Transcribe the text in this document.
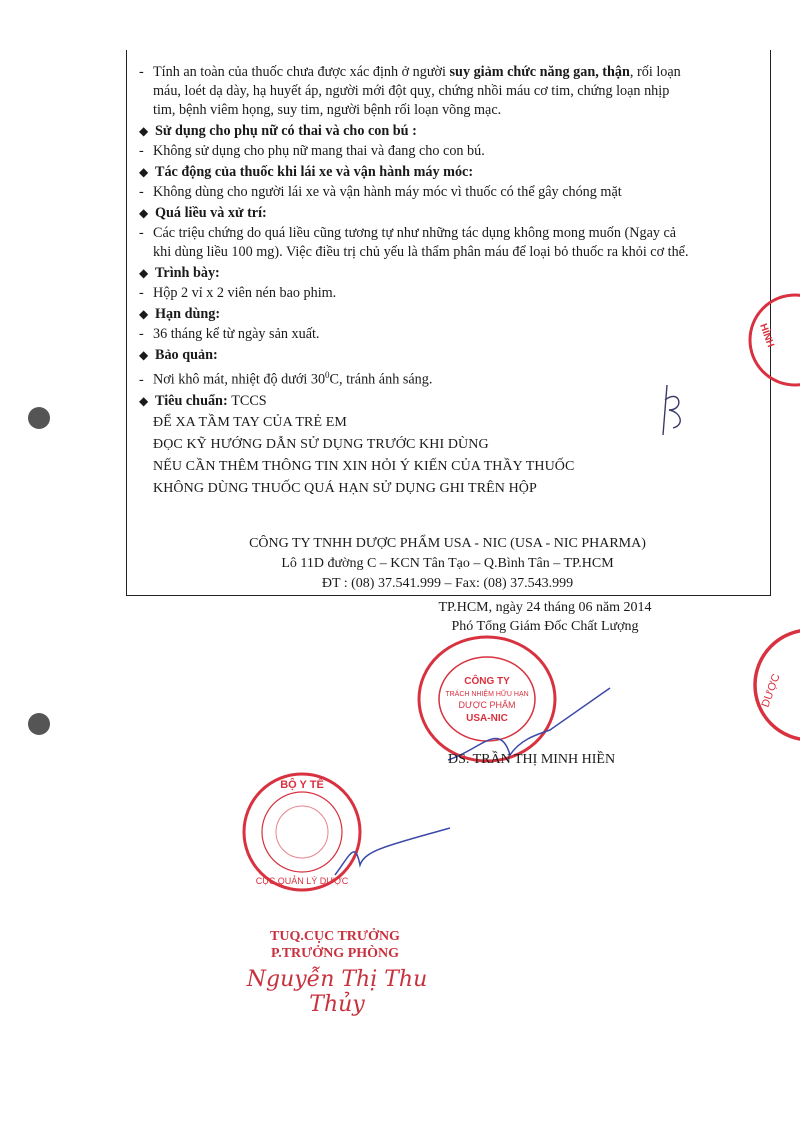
- Tính an toàn của thuốc chưa được xác định ở người suy giảm chức năng gan, thận, rối loạn

máu, loét dạ dày, hạ huyết áp, người mới đột quỵ, chứng nhồi máu cơ tim, chứng loạn nhịp

tim, bệnh viêm họng, suy tim, người bệnh rối loạn võng mạc.

◆ Sử dụng cho phụ nữ có thai và cho con bú :

- Không sử dụng cho phụ nữ mang thai và đang cho con bú.

◆ Tác động của thuốc khi lái xe và vận hành máy móc:

- Không dùng cho người lái xe và vận hành máy móc vì thuốc có thể gây chóng mặt

◆ Quá liều và xử trí:

- Các triệu chứng do quá liều cũng tương tự như những tác dụng không mong muốn (Ngay cả

khi dùng liều 100 mg). Việc điều trị chủ yếu là thẩm phân máu để loại bỏ thuốc ra khỏi cơ thể.

◆ Trình bày:

- Hộp 2 vỉ x 2 viên nén bao phim.

◆ Hạn dùng:

- 36 tháng kể từ ngày sản xuất.

◆ Bảo quản:

- Nơi khô mát, nhiệt độ dưới $30^0C$, tránh ánh sáng.

◆ Tiêu chuẩn: TCCS

ĐỂ XA TẦM TAY CỦA TRẺ EM
ĐỌC KỸ HƯỚNG DẪN SỬ DỤNG TRƯỚC KHI DÙNG
NẾU CẦN THÊM THÔNG TIN XIN HỎI Ý KIẾN CỦA THẦY THUỐC
KHÔNG DÙNG THUỐC QUÁ HẠN SỬ DỤNG GHI TRÊN HỘP
CÔNG TY TNHH DƯỢC PHẨM USA - NIC (USA - NIC PHARMA)
Lô 11D đường C – KCN Tân Tạo – Q.Bình Tân – TP.HCM
ĐT : (08) 37.541.999 – Fax: (08) 37.543.999
HÌNH
TP.HCM, ngày 24 tháng 06 năm 2014
Phó Tổng Giám Đốc Chất Lượng
CÔNG TY
TRÁCH NHIỆM HỮU HẠN
DƯỢC PHẨM
USA-NIC
DS. TRẦN THỊ MINH HIỀN
DƯỢC
BỘ Y TẾ
CỤC QUẢN LÝ DƯỢC
TUQ.CỤC TRƯỞNG
P.TRƯỞNG PHÒNG
Nguyễn Thị Thu Thủy
